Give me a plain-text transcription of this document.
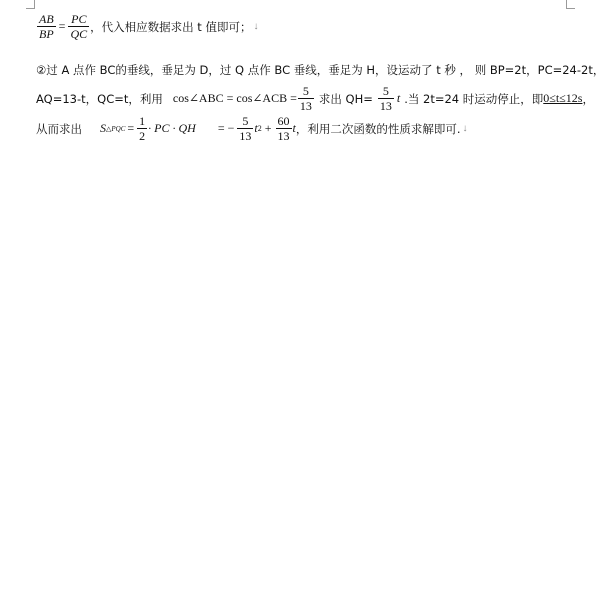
$\frac{AB}{BP} = \frac{PC}{QC}$ ，代入相应数据求出 t 值即可； ↓
②过 A 点作 BC的垂线，垂足为 D，过 Q 点作 BC 垂线，垂足为 H，设运动了 t 秒 ， 则 BP=2t，PC=24-2t，
AQ=13-t，QC=t，利用 cos∠ABC = cos∠ACB = $\frac{5}{13}$ 求出 $QH= \frac{5}{13}$ t .当 2t=24 时运动停止，即 0≤t≤12s ，
从而求出 S △PQC = $\frac{1}{2}$ · PC · QH = − $\frac{5}{13}$ t $2 + \frac{60}{13}$ t ，利用二次函数的性质求解即可. ↓
